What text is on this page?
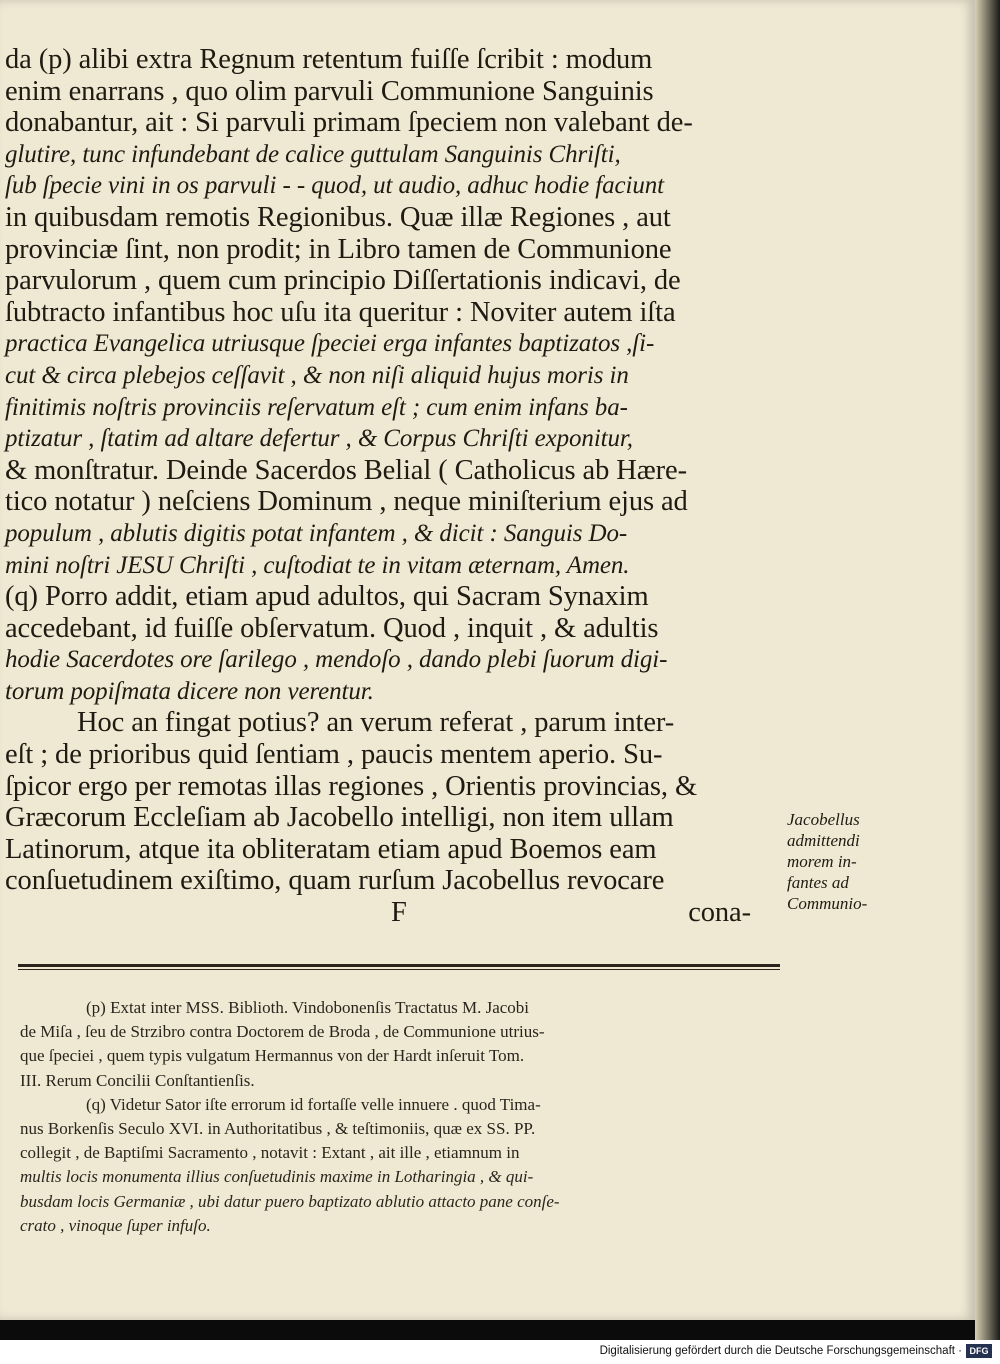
da (p) alibi extra Regnum retentum fuiſſe ſcribit : modum
enim enarrans , quo olim parvuli Communione Sanguinis
donabantur, ait : Si parvuli primam ſpeciem non valebant de-
glutire, tunc infundebant de calice guttulam Sanguinis Chriſti,
ſub ſpecie vini in os parvuli - - quod, ut audio, adhuc hodie faciunt
in quibusdam remotis Regionibus. Quæ illæ Regiones , aut
provinciæ ſint, non prodit; in Libro tamen de Communione
parvulorum , quem cum principio Diſſertationis indicavi, de
ſubtracto infantibus hoc uſu ita queritur : Noviter autem iſta
practica Evangelica utriusque ſpeciei erga infantes baptizatos ,ſi-
cut & circa plebejos ceſſavit , & non niſi aliquid hujus moris in
finitimis noſtris provinciis reſervatum eſt ; cum enim infans ba-
ptizatur , ſtatim ad altare defertur , & Corpus Chriſti exponitur,
& monſtratur. Deinde Sacerdos Belial ( Catholicus ab Hære-
tico notatur ) neſciens Dominum , neque miniſterium ejus ad
populum , ablutis digitis potat infantem , & dicit : Sanguis Do-
mini noſtri JESU Chriſti , cuſtodiat te in vitam æternam, Amen.
(q) Porro addit, etiam apud adultos, qui Sacram Synaxim
accedebant, id fuiſſe obſervatum. Quod , inquit , & adultis
hodie Sacerdotes ore ſarilego , mendoſo , dando plebi ſuorum digi-
torum popiſmata dicere non verentur.
Hoc an fingat potius? an verum referat , parum inter-
eſt ; de prioribus quid ſentiam , paucis mentem aperio. Su-
ſpicor ergo per remotas illas regiones , Orientis provincias, &
Græcorum Eccleſiam ab Jacobello intelligi, non item ullam
Latinorum, atque ita obliteratam etiam apud Boemos eam
conſuetudinem exiſtimo, quam rurſum Jacobellus revocare
F	cona-
Jacobellus
admittendi
morem in-
fantes ad
Communio-
(p) Extat inter MSS. Biblioth. Vindobonenſis Tractatus M. Jacobi
de Miſa , ſeu de Strzibro contra Doctorem de Broda , de Communione utrius-
que ſpeciei , quem typis vulgatum Hermannus von der Hardt inſeruit Tom.
III. Rerum Concilii Conſtantienſis.
(q) Videtur Sator iſte errorum id fortaſſe velle innuere . quod Tima-
nus Borkenſis Seculo XVI. in Authoritatibus , & teſtimoniis, quæ ex SS. PP.
collegit , de Baptiſmi Sacramento , notavit : Extant , ait ille , etiamnum in
multis locis monumenta illius conſuetudinis maxime in Lotharingia , & qui-
busdam locis Germaniæ , ubi datur puero baptizato ablutio attacto pane conſe-
crato , vinoque ſuper infuſo.
Digitalisierung gefördert durch die Deutsche Forschungsgemeinschaft · DFG
